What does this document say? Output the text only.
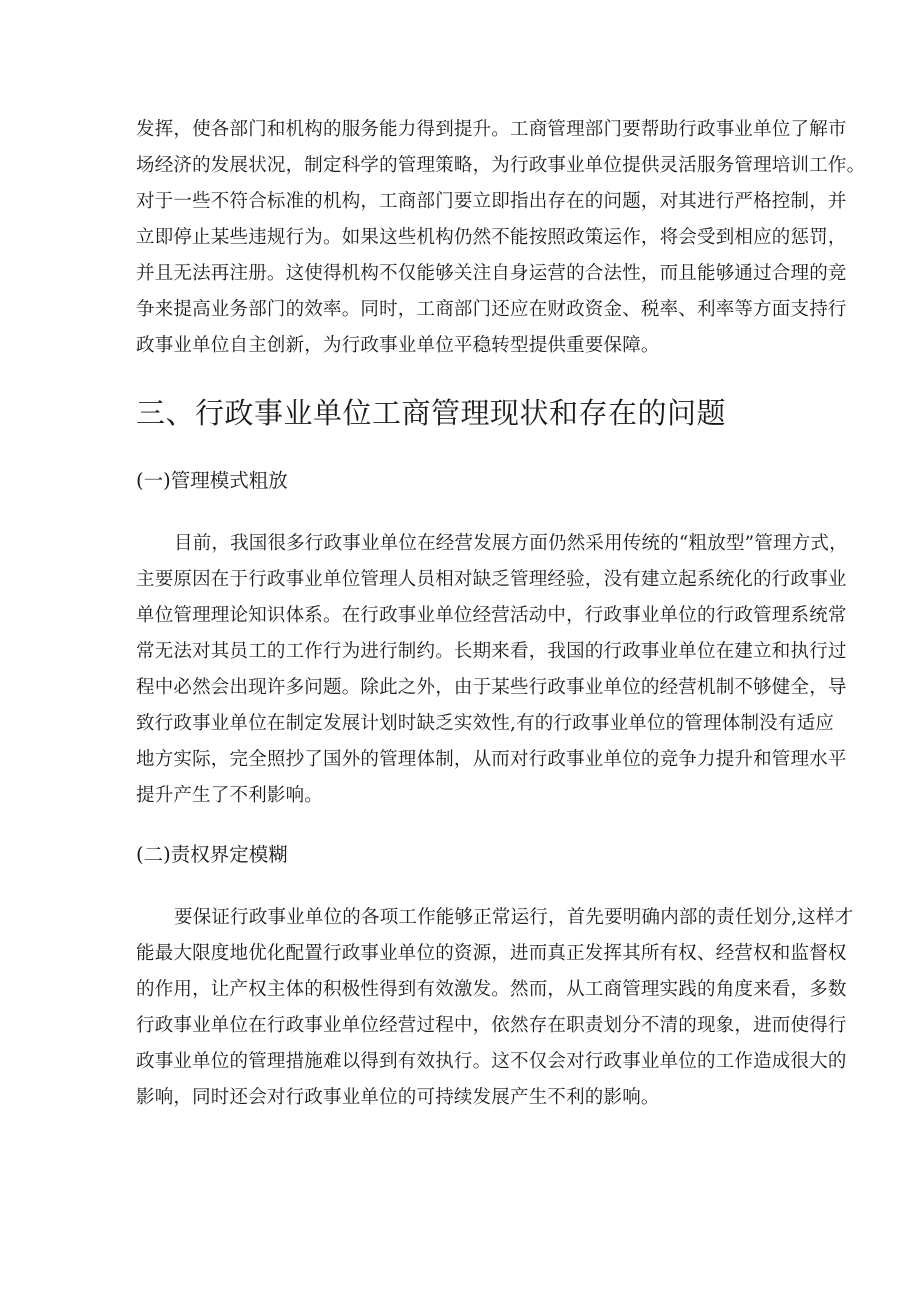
发挥，使各部门和机构的服务能力得到提升。工商管理部门要帮助行政事业单位了解市
场经济的发展状况，制定科学的管理策略，为行政事业单位提供灵活服务管理培训工作。
对于一些不符合标准的机构，工商部门要立即指出存在的问题，对其进行严格控制，并
立即停止某些违规行为。如果这些机构仍然不能按照政策运作，将会受到相应的惩罚，
并且无法再注册。这使得机构不仅能够关注自身运营的合法性，而且能够通过合理的竞
争来提高业务部门的效率。同时，工商部门还应在财政资金、税率、利率等方面支持行
政事业单位自主创新，为行政事业单位平稳转型提供重要保障。
三、行政事业单位工商管理现状和存在的问题
(一)管理模式粗放
目前，我国很多行政事业单位在经营发展方面仍然采用传统的“粗放型”管理方式，
主要原因在于行政事业单位管理人员相对缺乏管理经验，没有建立起系统化的行政事业
单位管理理论知识体系。在行政事业单位经营活动中，行政事业单位的行政管理系统常
常无法对其员工的工作行为进行制约。长期来看，我国的行政事业单位在建立和执行过
程中必然会出现许多问题。除此之外，由于某些行政事业单位的经营机制不够健全，导
致行政事业单位在制定发展计划时缺乏实效性,有的行政事业单位的管理体制没有适应
地方实际，完全照抄了国外的管理体制，从而对行政事业单位的竞争力提升和管理水平
提升产生了不利影响。
(二)责权界定模糊
要保证行政事业单位的各项工作能够正常运行，首先要明确内部的责任划分,这样才
能最大限度地优化配置行政事业单位的资源，进而真正发挥其所有权、经营权和监督权
的作用，让产权主体的积极性得到有效激发。然而，从工商管理实践的角度来看，多数
行政事业单位在行政事业单位经营过程中，依然存在职责划分不清的现象，进而使得行
政事业单位的管理措施难以得到有效执行。这不仅会对行政事业单位的工作造成很大的
影响，同时还会对行政事业单位的可持续发展产生不利的影响。
